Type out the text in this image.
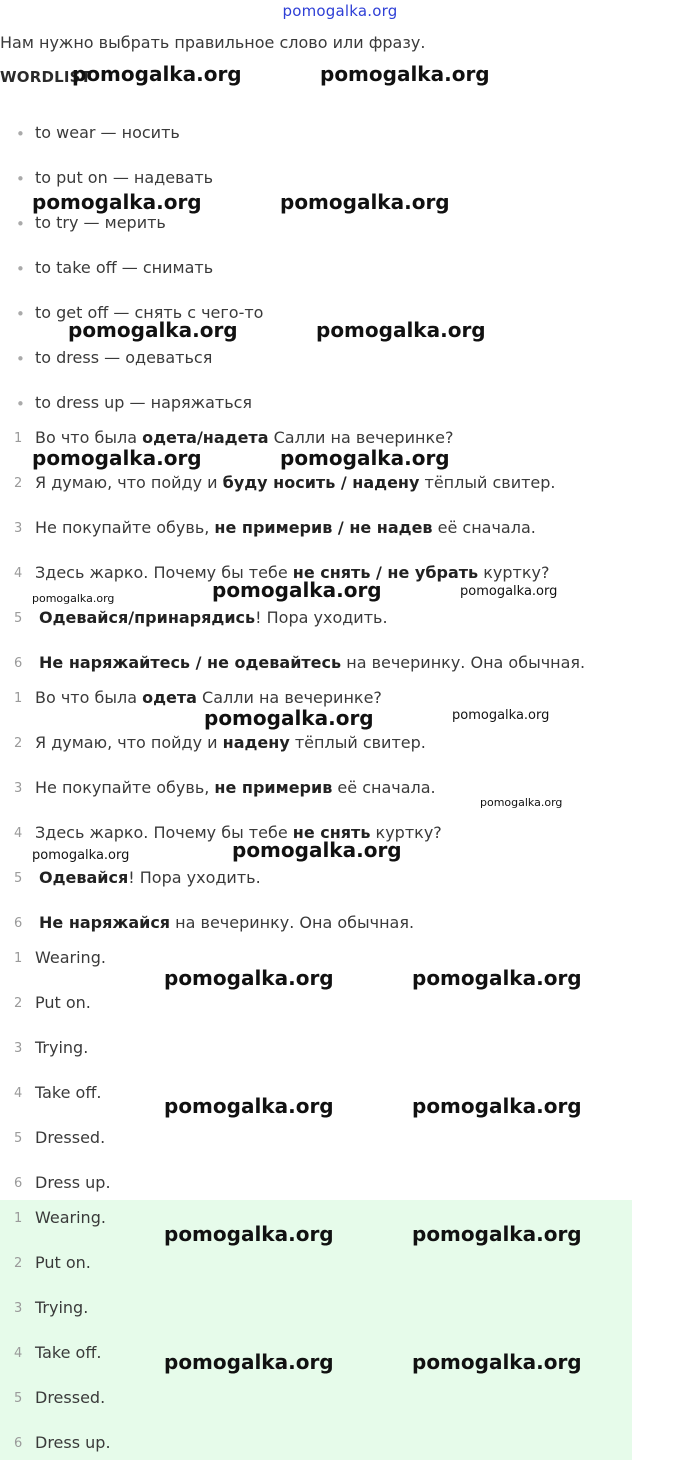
pomogalka.org
Нам нужно выбрать правильное слово или фразу.
WORDLIST
• to wear — носить
• to put on — надевать
• to try — мерить
• to take off — снимать
• to get off — снять с чего-то
• to dress — одеваться
• to dress up — наряжаться
1 Во что была одета/надета Салли на вечеринке?
2 Я думаю, что пойду и буду носить / надену тёплый свитер.
3 Не покупайте обувь, не примерив / не надев её сначала.
4 Здесь жарко. Почему бы тебе не снять / не убрать куртку?
5 Одевайся/принарядись! Пора уходить.
6 Не наряжайтесь / не одевайтесь на вечеринку. Она обычная.
1 Во что была одета Салли на вечеринке?
2 Я думаю, что пойду и надену тёплый свитер.
3 Не покупайте обувь, не примерив её сначала.
4 Здесь жарко. Почему бы тебе не снять куртку?
5 Одевайся! Пора уходить.
6 Не наряжайся на вечеринку. Она обычная.
1 Wearing.
2 Put on.
3 Trying.
4 Take off.
5 Dressed.
6 Dress up.
1 Wearing.
2 Put on.
3 Trying.
4 Take off.
5 Dressed.
6 Dress up.
pomogalka.org	pomogalka.org
pomogalka.org	pomogalka.org
pomogalka.org	pomogalka.org
pomogalka.org	pomogalka.org
pomogalka.org
pomogalka.org
pomogalka.org
pomogalka.org	pomogalka.org
pomogalka.org	pomogalka.org
pomogalka.org	pomogalka.org
pomogalka.org	pomogalka.org
pomogalka.org	pomogalka.org
pomogalka.org
pomogalka.org
pomogalka.org
